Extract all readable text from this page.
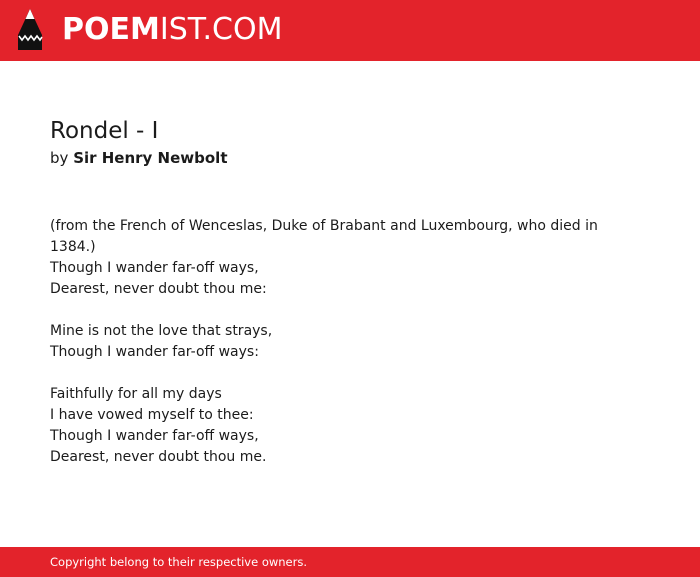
POEMIST.COM
Rondel - I
by Sir Henry Newbolt
(from the French of Wenceslas, Duke of Brabant and Luxembourg, who died in 1384.)
Though I wander far-off ways,
Dearest, never doubt thou me:
Mine is not the love that strays,
Though I wander far-off ways:
Faithfully for all my days
I have vowed myself to thee:
Though I wander far-off ways,
Dearest, never doubt thou me.
Copyright belong to their respective owners.
